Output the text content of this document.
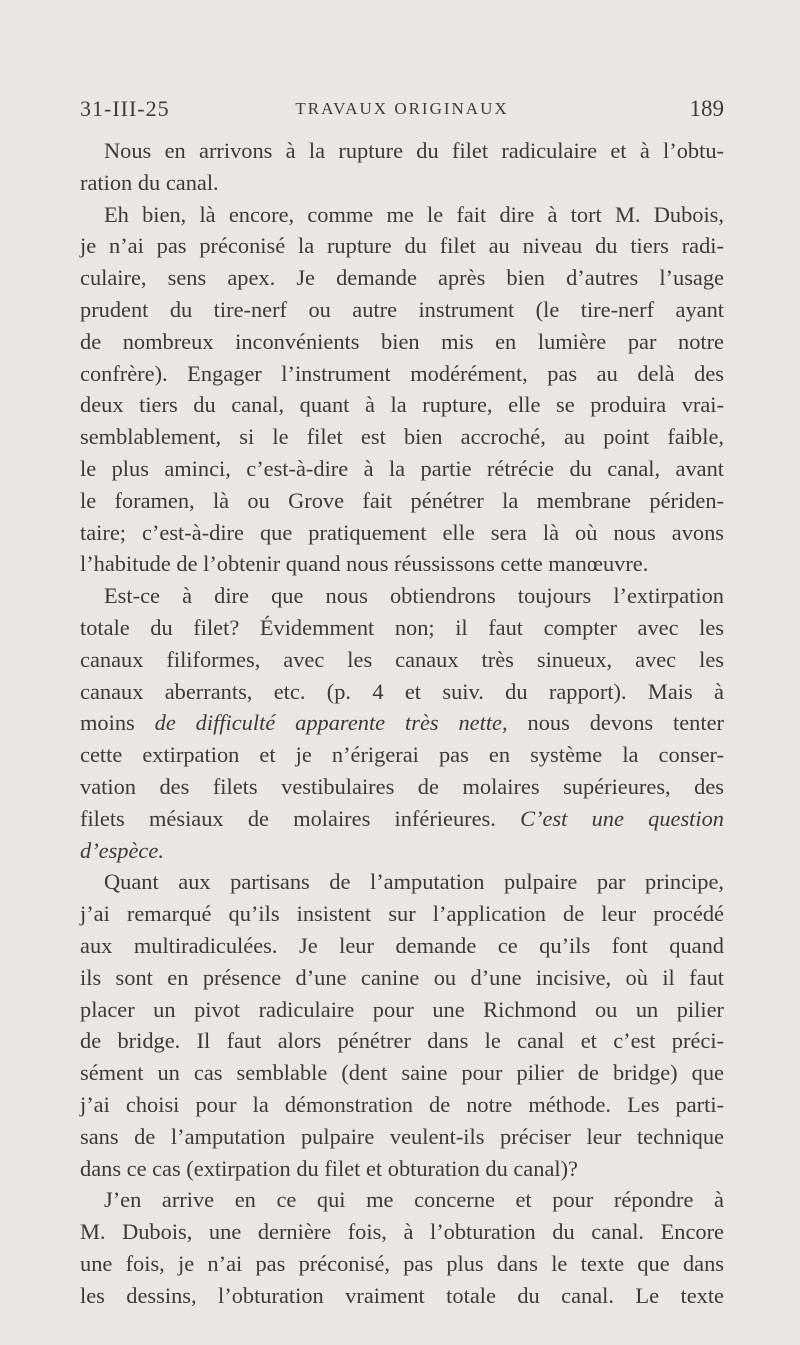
31-III-25	TRAVAUX ORIGINAUX	189
Nous en arrivons à la rupture du filet radiculaire et à l’obtu-
ration du canal.
Eh bien, là encore, comme me le fait dire à tort M. Dubois,
je n’ai pas préconisé la rupture du filet au niveau du tiers radi-
culaire, sens apex. Je demande après bien d’autres l’usage
prudent du tire-nerf ou autre instrument (le tire-nerf ayant
de nombreux inconvénients bien mis en lumière par notre
confrère). Engager l’instrument modérément, pas au delà des
deux tiers du canal, quant à la rupture, elle se produira vrai-
semblablement, si le filet est bien accroché, au point faible,
le plus aminci, c’est-à-dire à la partie rétrécie du canal, avant
le foramen, là ou Grove fait pénétrer la membrane périden-
taire; c’est-à-dire que pratiquement elle sera là où nous avons
l’habitude de l’obtenir quand nous réussissons cette manœuvre.
Est-ce à dire que nous obtiendrons toujours l’extirpation
totale du filet? Évidemment non; il faut compter avec les
canaux filiformes, avec les canaux très sinueux, avec les
canaux aberrants, etc. (p. 4 et suiv. du rapport). Mais à
moins de difficulté apparente très nette, nous devons tenter
cette extirpation et je n’érigerai pas en système la conser-
vation des filets vestibulaires de molaires supérieures, des
filets mésiaux de molaires inférieures. C’est une question
d’espèce.
Quant aux partisans de l’amputation pulpaire par principe,
j’ai remarqué qu’ils insistent sur l’application de leur procédé
aux multiradiculées. Je leur demande ce qu’ils font quand
ils sont en présence d’une canine ou d’une incisive, où il faut
placer un pivot radiculaire pour une Richmond ou un pilier
de bridge. Il faut alors pénétrer dans le canal et c’est préci-
sément un cas semblable (dent saine pour pilier de bridge) que
j’ai choisi pour la démonstration de notre méthode. Les parti-
sans de l’amputation pulpaire veulent-ils préciser leur technique
dans ce cas (extirpation du filet et obturation du canal)?
J’en arrive en ce qui me concerne et pour répondre à
M. Dubois, une dernière fois, à l’obturation du canal. Encore
une fois, je n’ai pas préconisé, pas plus dans le texte que dans
les dessins, l’obturation vraiment totale du canal. Le texte
